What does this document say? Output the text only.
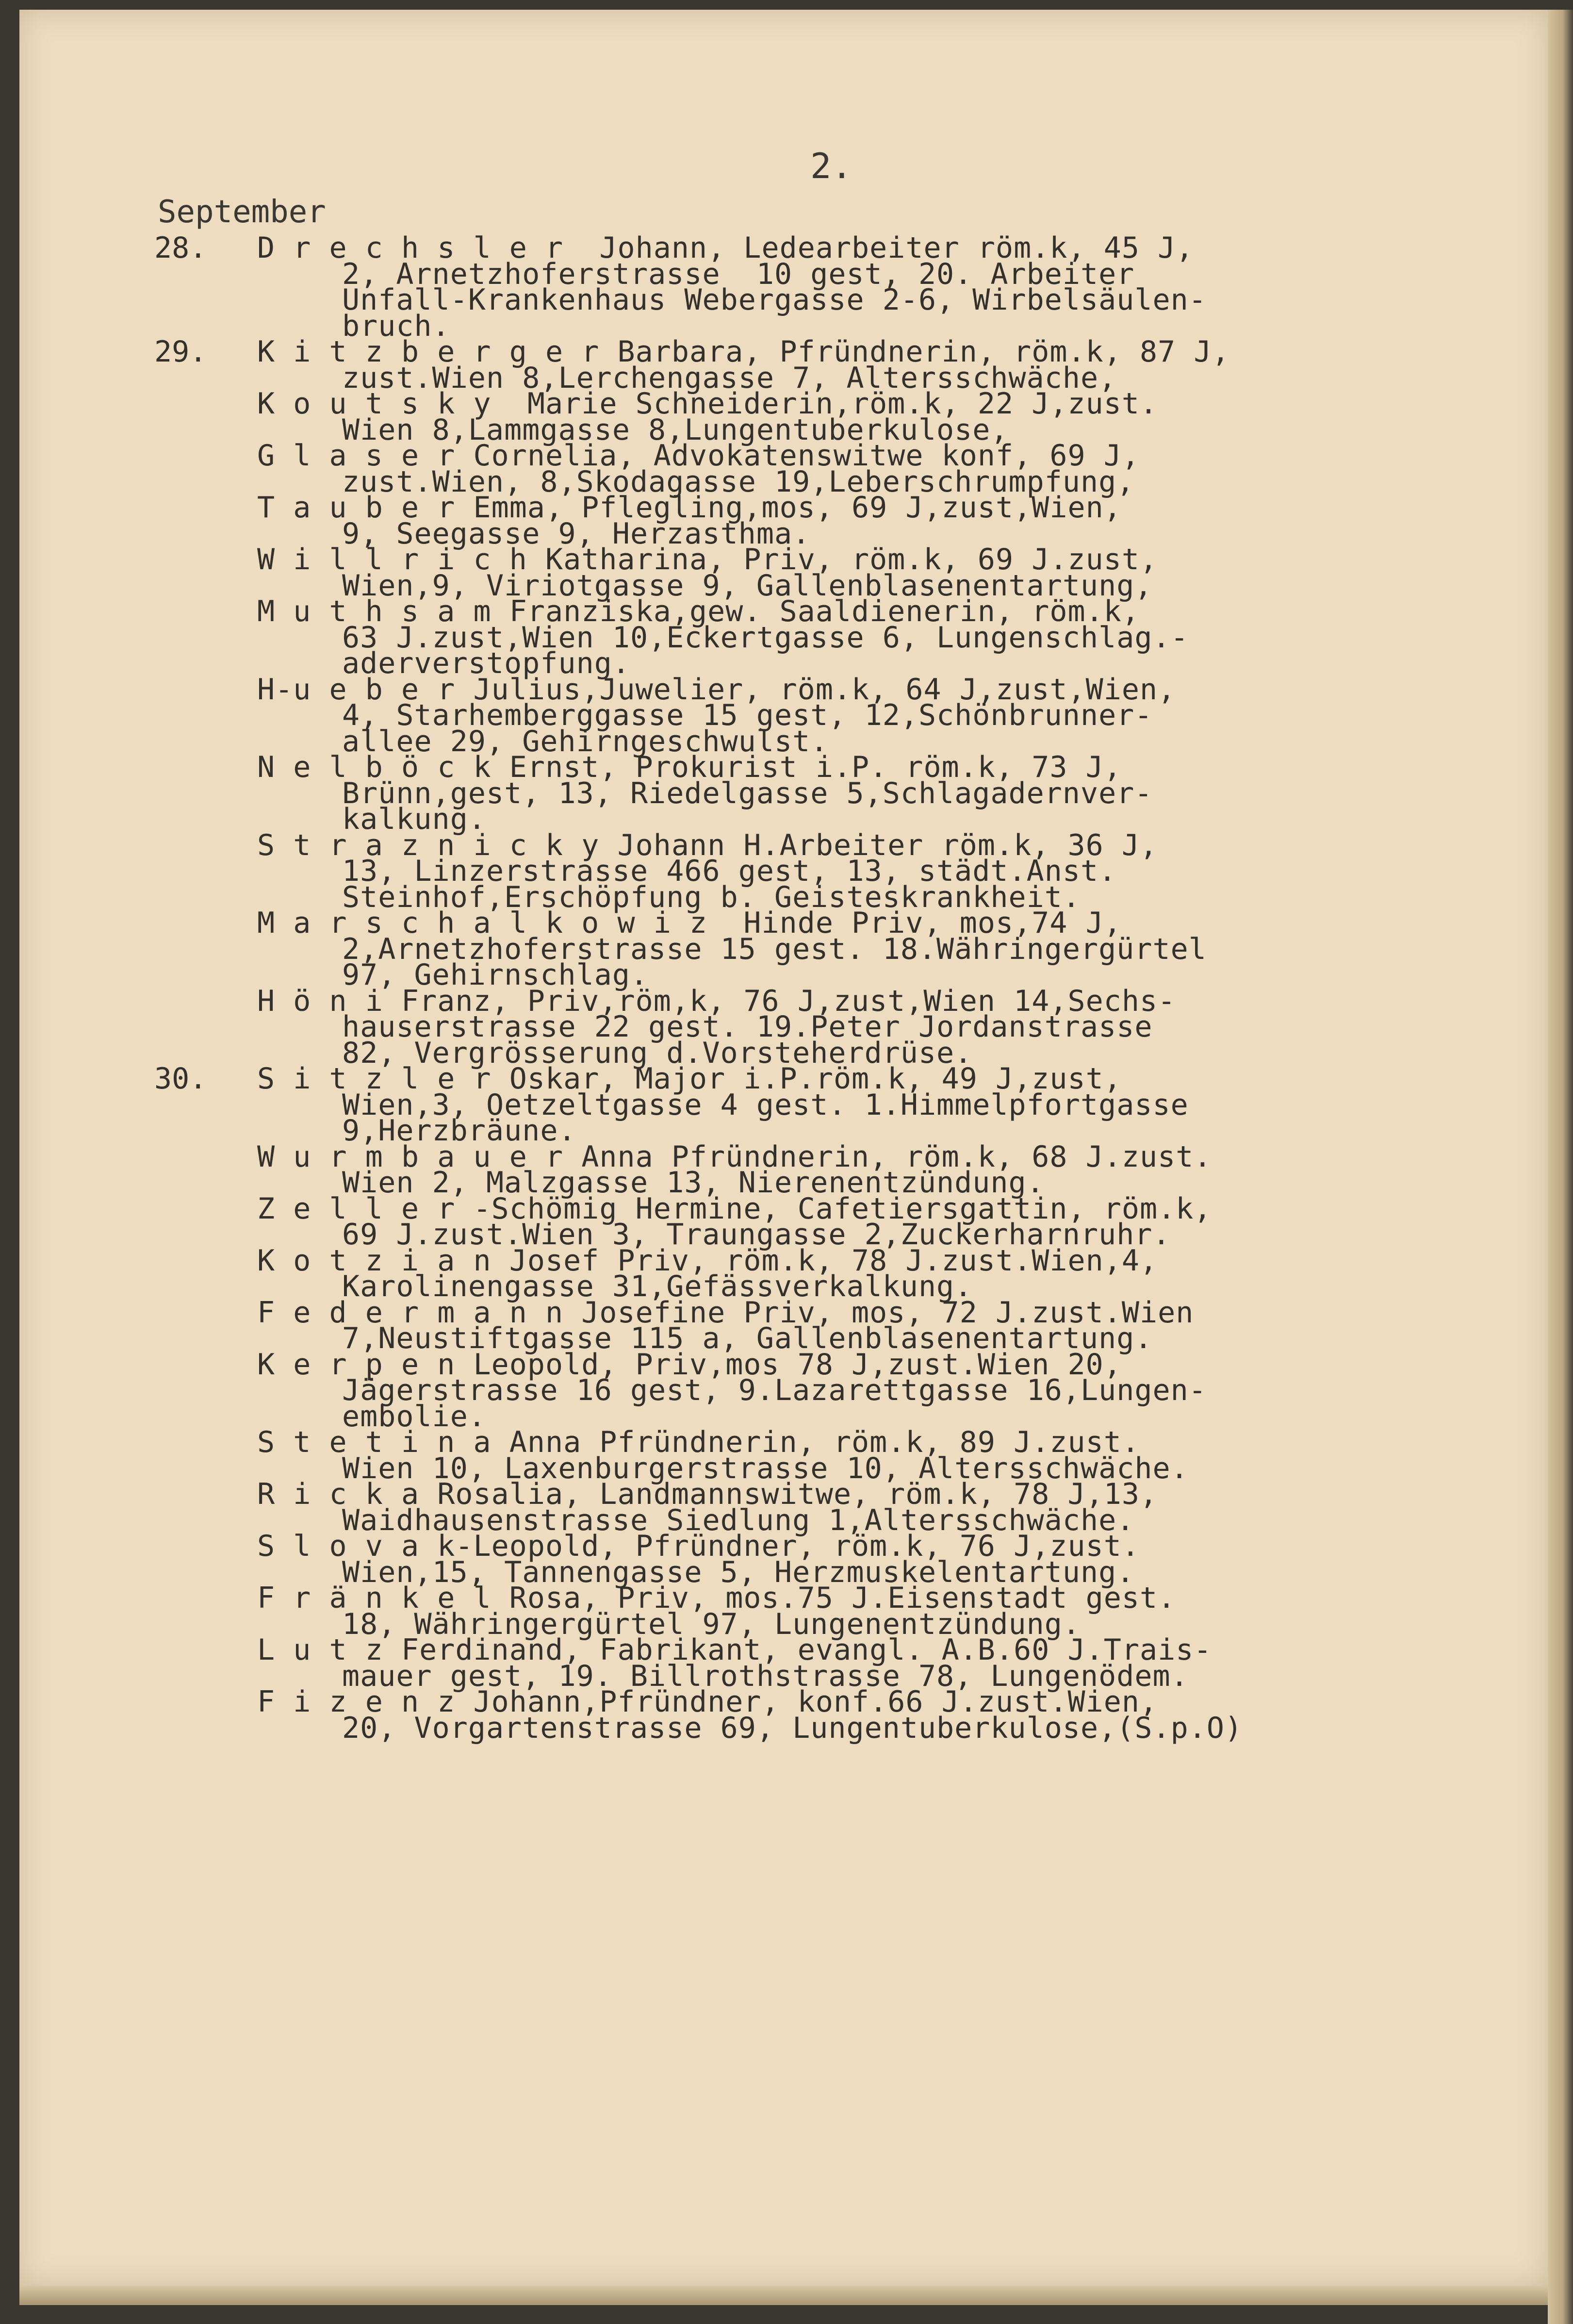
2.
September
28. D r e c h s l e r  Johann, Ledearbeiter röm.k, 45 J,
2, Arnetzhoferstrasse  10 gest, 20. Arbeiter
Unfall-Krankenhaus Webergasse 2-6, Wirbelsäulen-
bruch.
29. K i t z b e r g e r Barbara, Pfründnerin, röm.k, 87 J,
zust.Wien 8,Lerchengasse 7, Altersschwäche,
K o u t s k y  Marie Schneiderin,röm.k, 22 J,zust.
Wien 8,Lammgasse 8,Lungentuberkulose,
G l a s e r Cornelia, Advokatenswitwe konf, 69 J,
zust.Wien, 8,Skodagasse 19,Leberschrumpfung,
T a u b e r Emma, Pflegling,mos, 69 J,zust,Wien,
9, Seegasse 9, Herzasthma.
W i l l r i c h Katharina, Priv, röm.k, 69 J.zust,
Wien,9, Viriotgasse 9, Gallenblasenentartung,
M u t h s a m Franziska,gew. Saaldienerin, röm.k,
63 J.zust,Wien 10,Eckertgasse 6, Lungenschlag.-
aderverstopfung.
H-u e b e r Julius,Juwelier, röm.k, 64 J,zust,Wien,
4, Starhemberggasse 15 gest, 12,Schönbrunner-
allee 29, Gehirngeschwulst.
N e l b ö c k Ernst, Prokurist i.P. röm.k, 73 J,
Brünn,gest, 13, Riedelgasse 5,Schlagadernver-
kalkung.
S t r a z n i c k y Johann H.Arbeiter röm.k, 36 J,
13, Linzerstrasse 466 gest, 13, städt.Anst.
Steinhof,Erschöpfung b. Geisteskrankheit.
M a r s c h a l k o w i z  Hinde Priv, mos,74 J,
2,Arnetzhoferstrasse 15 gest. 18.Währingergürtel
97, Gehirnschlag.
H ö n i Franz, Priv,röm,k, 76 J,zust,Wien 14,Sechs-
hauserstrasse 22 gest. 19.Peter Jordanstrasse
82, Vergrösserung d.Vorsteherdrüse.
30. S i t z l e r Oskar, Major i.P.röm.k, 49 J,zust,
Wien,3, Oetzeltgasse 4 gest. 1.Himmelpfortgasse
9,Herzbräune.
W u r m b a u e r Anna Pfründnerin, röm.k, 68 J.zust.
Wien 2, Malzgasse 13, Nierenentzündung.
Z e l l e r -Schömig Hermine, Cafetiersgattin, röm.k,
69 J.zust.Wien 3, Traungasse 2,Zuckerharnruhr.
K o t z i a n Josef Priv, röm.k, 78 J.zust.Wien,4,
Karolinengasse 31,Gefässverkalkung.
F e d e r m a n n Josefine Priv, mos, 72 J.zust.Wien
7,Neustiftgasse 115 a, Gallenblasenentartung.
K e r p e n Leopold, Priv,mos 78 J,zust.Wien 20,
Jägerstrasse 16 gest, 9.Lazarettgasse 16,Lungen-
embolie.
S t e t i n a Anna Pfründnerin, röm.k, 89 J.zust.
Wien 10, Laxenburgerstrasse 10, Altersschwäche.
R i c k a Rosalia, Landmannswitwe, röm.k, 78 J,13,
Waidhausenstrasse Siedlung 1,Altersschwäche.
S l o v a k-Leopold, Pfründner, röm.k, 76 J,zust.
Wien,15, Tannengasse 5, Herzmuskelentartung.
F r ä n k e l Rosa, Priv, mos.75 J.Eisenstadt gest.
18, Währingergürtel 97, Lungenentzündung.
L u t z Ferdinand, Fabrikant, evangl. A.B.60 J.Trais-
mauer gest, 19. Billrothstrasse 78, Lungenödem.
F i z e n z Johann,Pfründner, konf.66 J.zust.Wien,
20, Vorgartenstrasse 69, Lungentuberkulose,(S.p.O)
